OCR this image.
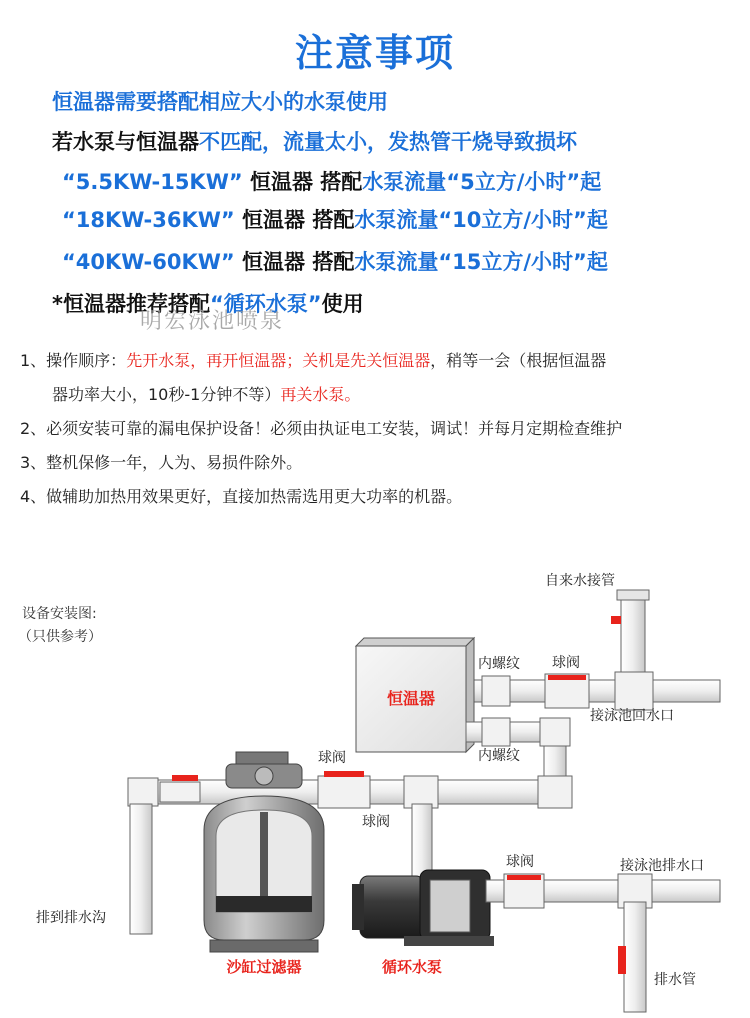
注意事项
恒温器需要搭配相应大小的水泵使用
若水泵与恒温器不匹配，流量太小，发热管干烧导致损坏
“5.5KW-15KW” 恒温器 搭配水泵流量“5立方/小时”起
“18KW-36KW” 恒温器 搭配水泵流量“10立方/小时”起
“40KW-60KW” 恒温器 搭配水泵流量“15立方/小时”起
*恒温器推荐搭配“循环水泵”使用
明宏泳池喷泉
1、操作顺序：先开水泵，再开恒温器；关机是先关恒温器，稍等一会（根据恒温器
器功率大小，10秒-1分钟不等）再关水泵。
2、必须安装可靠的漏电保护设备！必须由执证电工安装，调试！并每月定期检查维护
3、整机保修一年，人为、易损件除外。
4、做辅助加热用效果更好，直接加热需选用更大功率的机器。
设备安装图:
（只供参考）
自来水接管
内螺纹 球阀
接泳池回水口
恒温器
内螺纹
球阀
球阀
排到排水沟
沙缸过滤器	循环水泵
球阀	接泳池排水口
排水管
